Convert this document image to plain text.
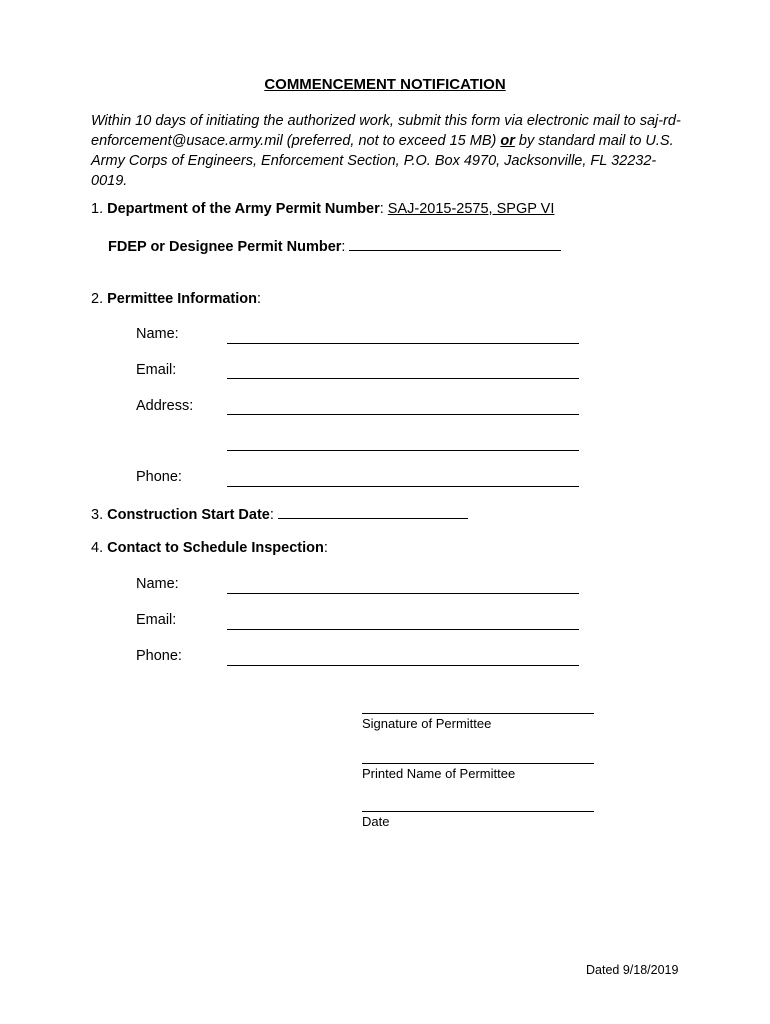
COMMENCEMENT NOTIFICATION
Within 10 days of initiating the authorized work, submit this form via electronic mail to saj-rd-enforcement@usace.army.mil (preferred, not to exceed 15 MB) or by standard mail to U.S. Army Corps of Engineers, Enforcement Section, P.O. Box 4970, Jacksonville, FL 32232-0019.
1. Department of the Army Permit Number: SAJ-2015-2575, SPGP VI
FDEP or Designee Permit Number:
2. Permittee Information:
Name:
Email:
Address:
Phone:
3. Construction Start Date:
4. Contact to Schedule Inspection:
Name:
Email:
Phone:
Signature of Permittee
Printed Name of Permittee
Date
Dated 9/18/2019
